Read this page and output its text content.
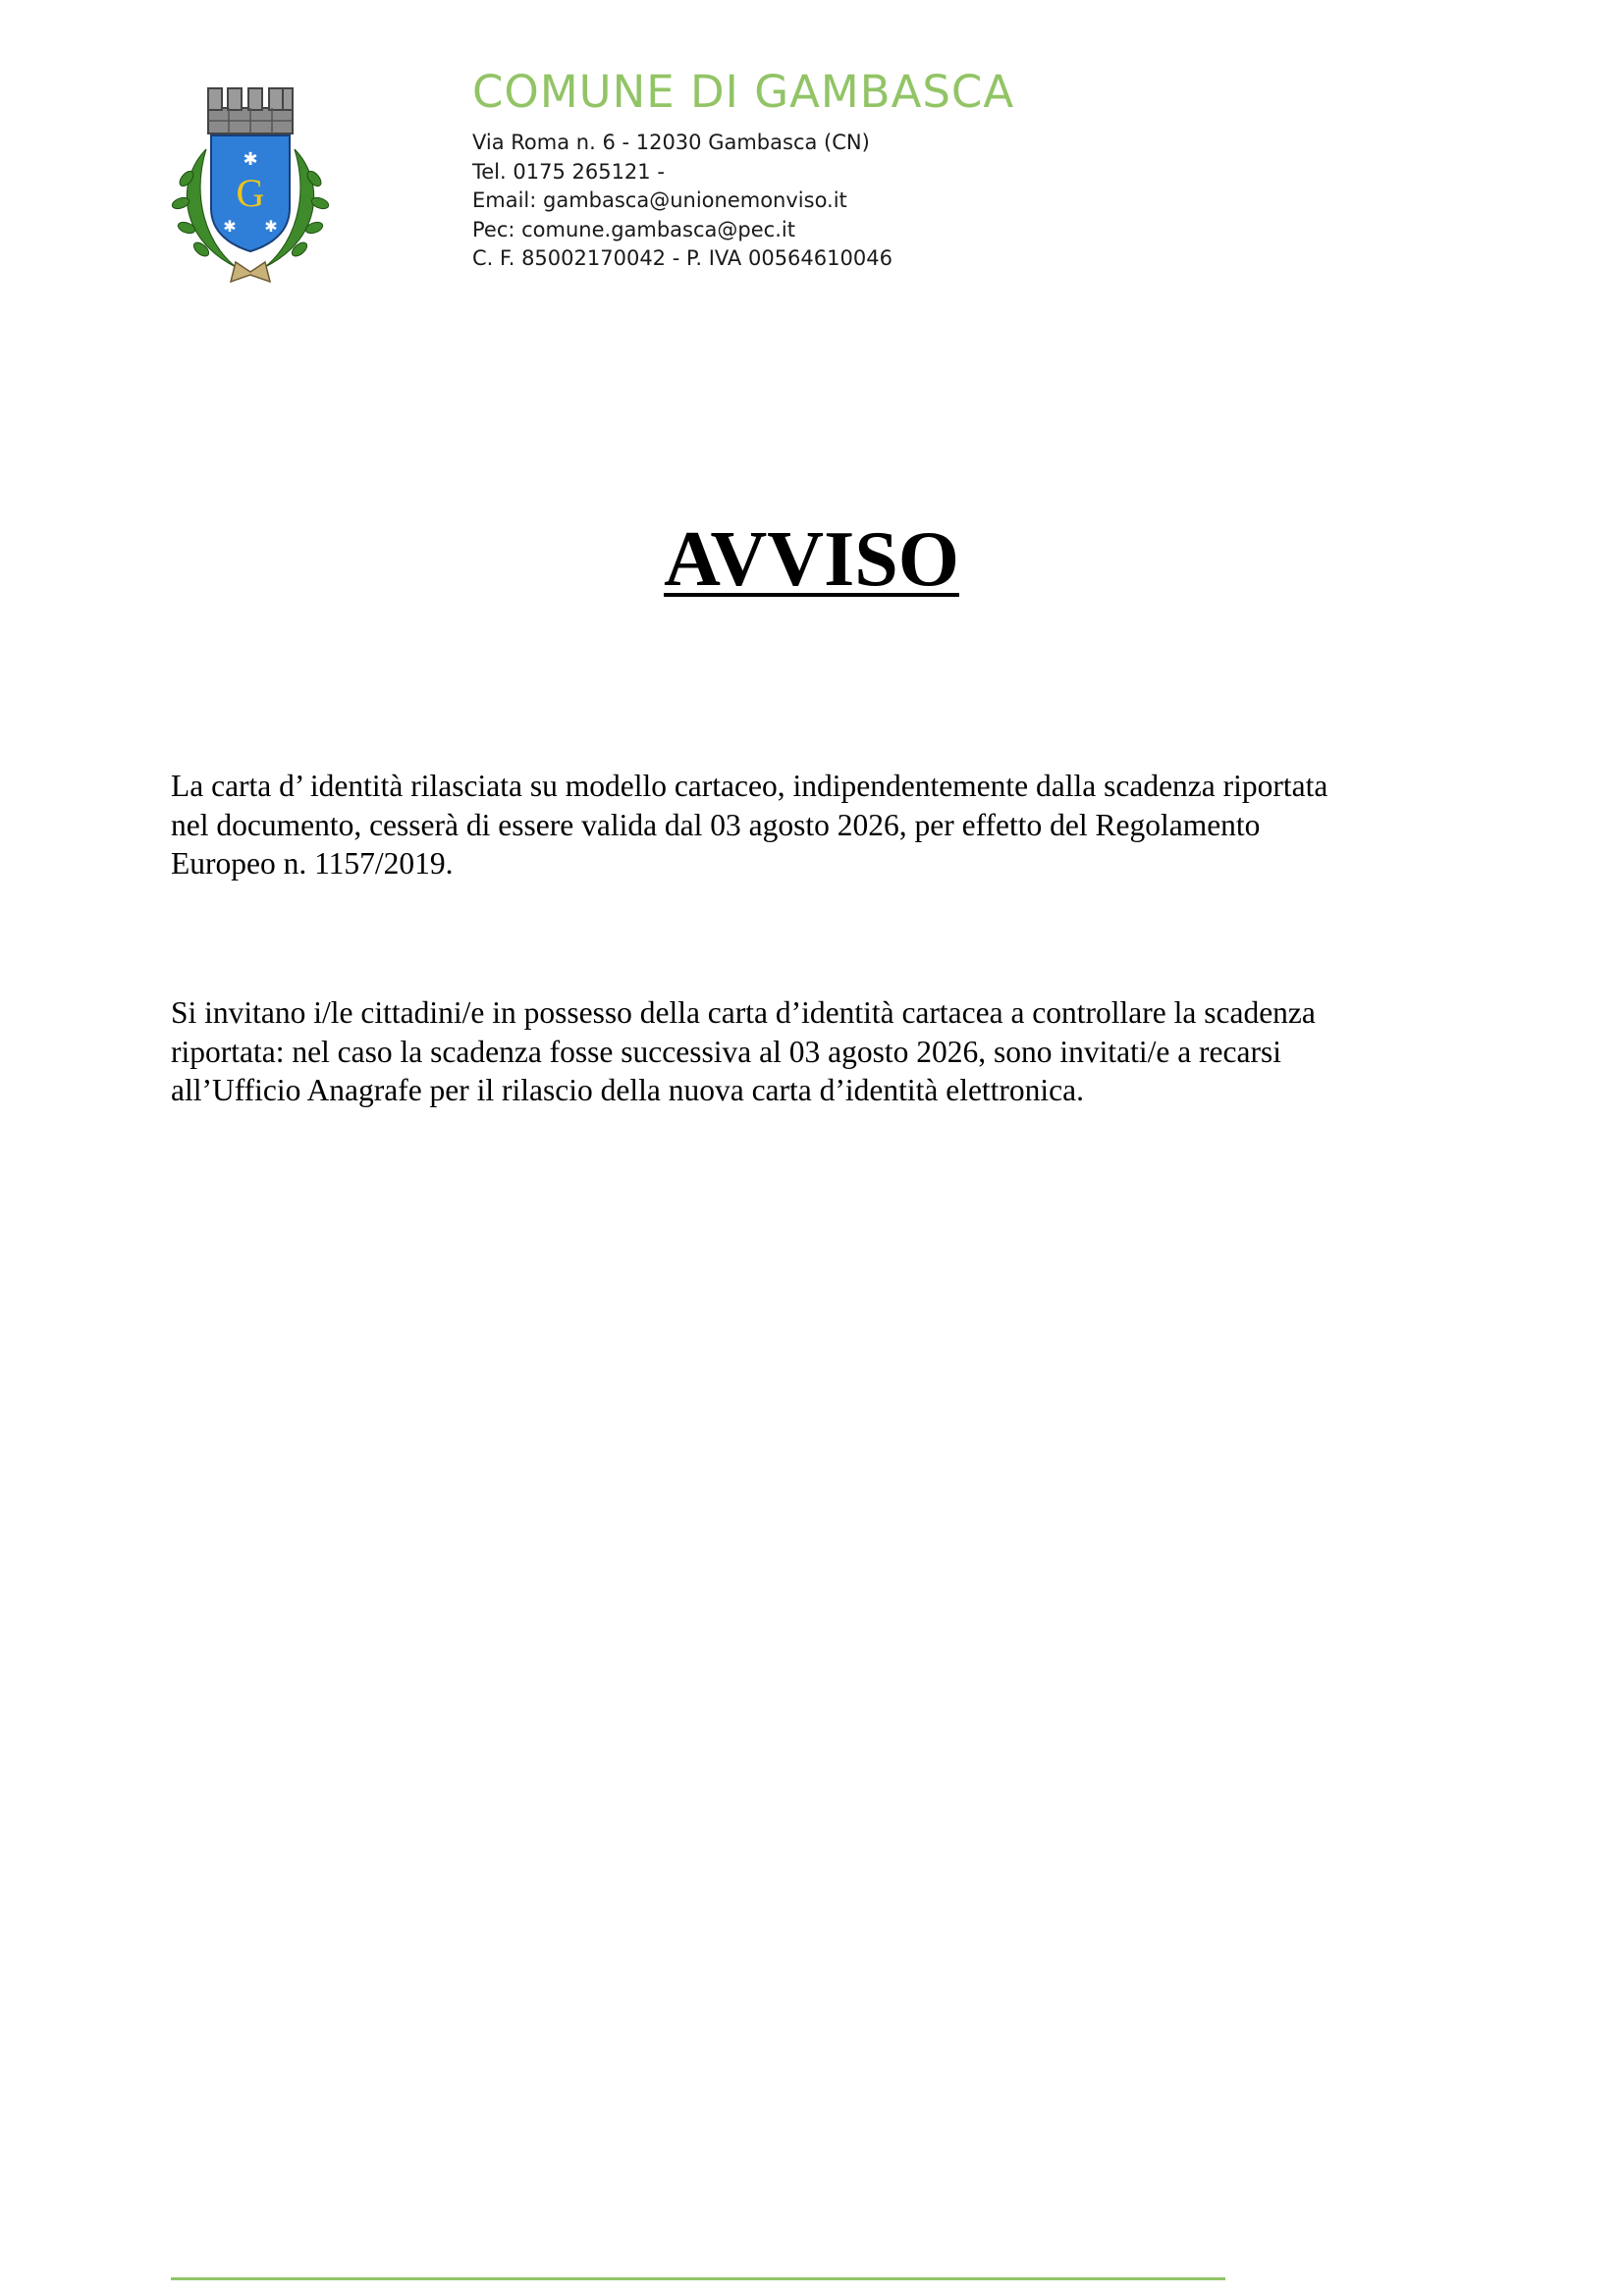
G
✱
✱ ✱
COMUNE DI GAMBASCA
Via Roma n. 6 - 12030 Gambasca (CN)
Tel. 0175 265121 -
Email: gambasca@unionemonviso.it
Pec: comune.gambasca@pec.it
C. F. 85002170042 - P. IVA 00564610046
AVVISO
La carta d’ identità rilasciata su modello cartaceo, indipendentemente dalla scadenza riportata
nel documento, cesserà di essere valida dal 03 agosto 2026, per effetto del Regolamento
Europeo n. 1157/2019.
Si invitano i/le cittadini/e in possesso della carta d’identità cartacea a controllare la scadenza
riportata: nel caso la scadenza fosse successiva al 03 agosto 2026, sono invitati/e a recarsi
all’Ufficio Anagrafe per il rilascio della nuova carta d’identità elettronica.
